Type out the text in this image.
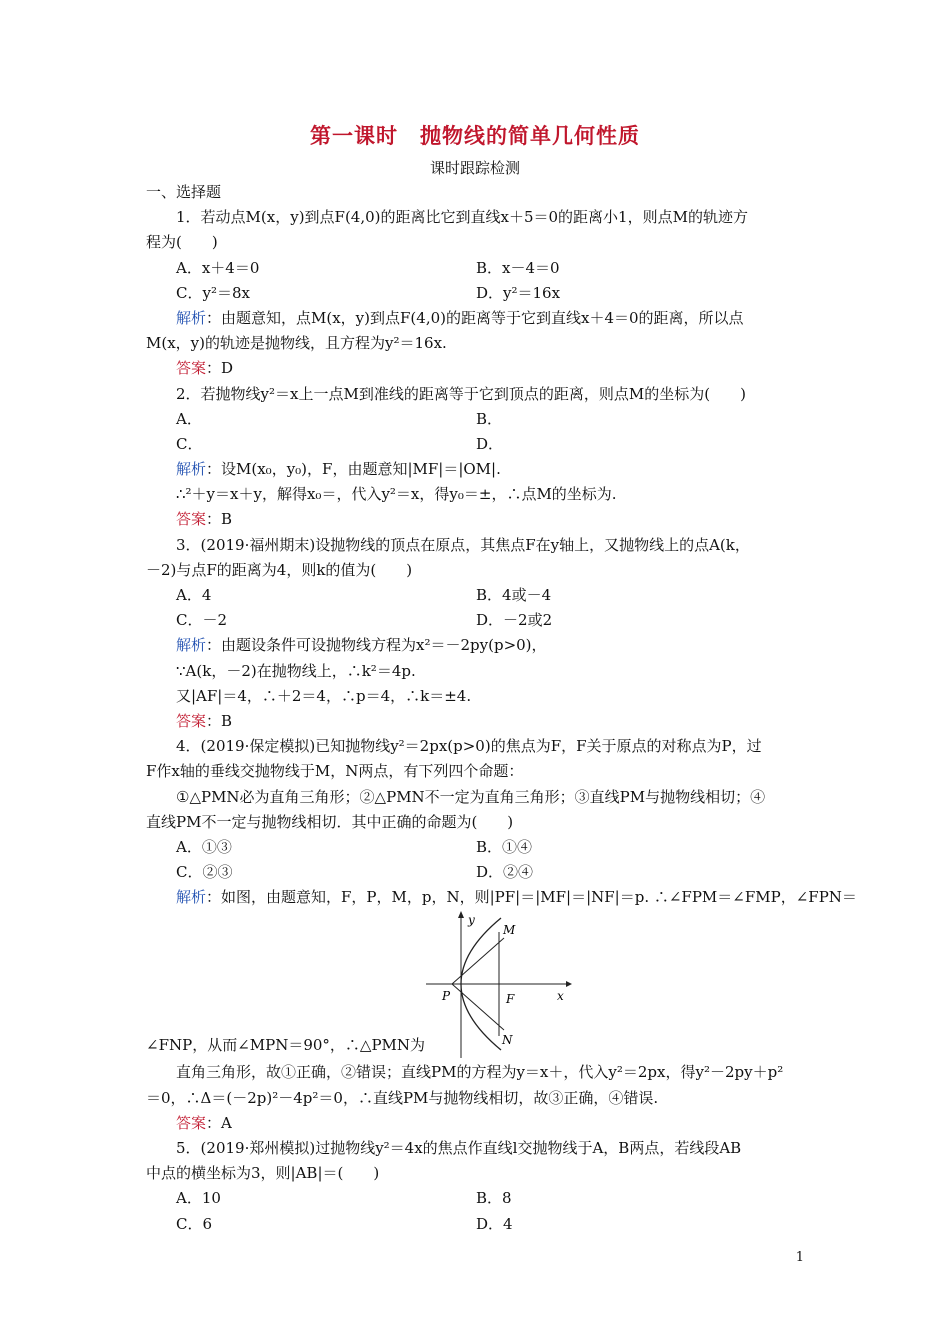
第一课时　抛物线的简单几何性质
课时跟踪检测
一、选择题
1．若动点M(x，y)到点F(4,0)的距离比它到直线x＋5＝0的距离小1，则点M的轨迹方
程为(　　)
A．x＋4＝0	B．x－4＝0
C．y²＝8x	D．y²＝16x
解析：由题意知，点M(x，y)到点F(4,0)的距离等于它到直线x＋4＝0的距离，所以点
M(x，y)的轨迹是抛物线，且方程为y²＝16x.
答案：D
2．若抛物线y²＝x上一点M到准线的距离等于它到顶点的距离，则点M的坐标为(　　)
A．	B．
C．	D．
解析：设M(x₀，y₀)，F，由题意知|MF|＝|OM|.
∴²＋y＝x＋y，解得x₀＝，代入y²＝x，得y₀＝±，∴点M的坐标为.
答案：B
3．(2019·福州期末)设抛物线的顶点在原点，其焦点F在y轴上，又抛物线上的点A(k，
－2)与点F的距离为4，则k的值为(　　)
A．4	B．4或－4
C．－2	D．－2或2
解析：由题设条件可设抛物线方程为x²＝－2py(p>0)，
∵A(k，－2)在抛物线上，∴k²＝4p.
又|AF|＝4，∴＋2＝4，∴p＝4，∴k＝±4.
答案：B
4．(2019·保定模拟)已知抛物线y²＝2px(p>0)的焦点为F，F关于原点的对称点为P，过
F作x轴的垂线交抛物线于M，N两点，有下列四个命题：
①△PMN必为直角三角形；②△PMN不一定为直角三角形；③直线PM与抛物线相切；④
直线PM不一定与抛物线相切．其中正确的命题为(　　)
A．①③	B．①④
C．②③	D．②④
解析：如图，由题意知，F，P，M，p，N，则|PF|＝|MF|＝|NF|＝p. ∴∠FPM＝∠FMP，∠FPN＝
∠FNP，从而∠MPN＝90°，∴△PMN为
y
x
M
N
P	F
直角三角形，故①正确，②错误；直线PM的方程为y＝x＋，代入y²＝2px，得y²－2py＋p²
＝0，∴Δ＝(－2p)²－4p²＝0，∴直线PM与抛物线相切，故③正确，④错误.
答案：A
5．(2019·郑州模拟)过抛物线y²＝4x的焦点作直线l交抛物线于A，B两点，若线段AB
中点的横坐标为3，则|AB|＝(　　)
A．10	B．8
C．6	D．4
1
